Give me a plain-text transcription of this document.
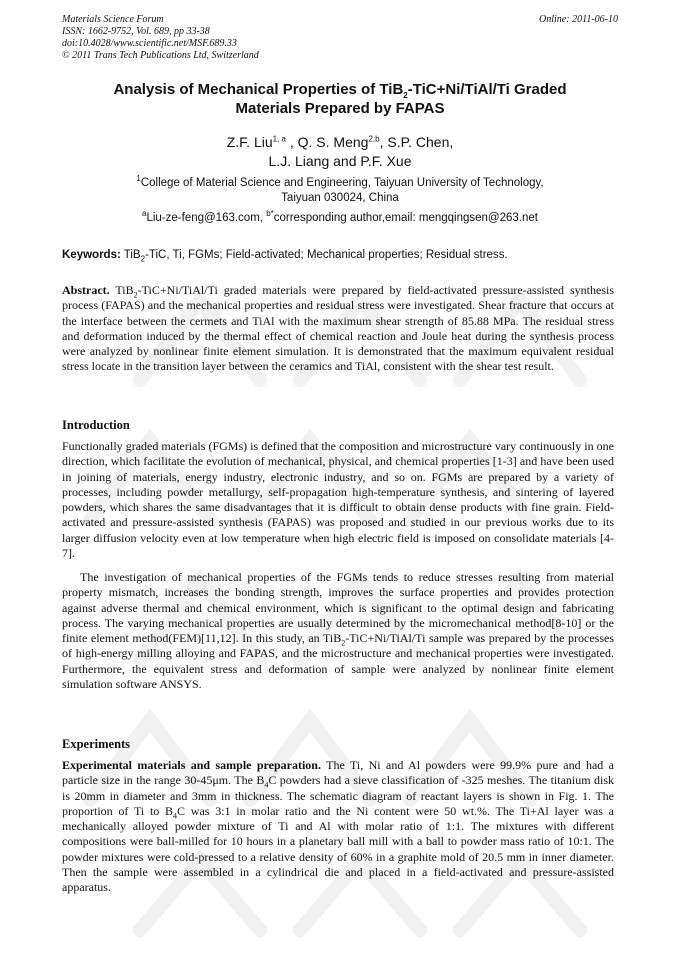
Materials Science Forum
ISSN: 1662-9752, Vol. 689, pp 33-38
doi:10.4028/www.scientific.net/MSF.689.33
© 2011 Trans Tech Publications Ltd, Switzerland
Online: 2011-06-10
Analysis of Mechanical Properties of TiB$_2$-TiC+Ni/TiAl/Ti Graded
Materials Prepared by FAPAS
Z.F. Liu$^{1, a}$ , Q. S. Meng$^{2,b}$, S.P. Chen,
L.J. Liang and P.F. Xue
$^1$College of Material Science and Engineering, Taiyuan University of Technology,
Taiyuan 030024, China
$^a$Liu-ze-feng@163.com, $^{b*}$corresponding author,email: mengqingsen@263.net
Keywords: TiB$_2$-TiC, Ti, FGMs; Field-activated; Mechanical properties; Residual stress.
Abstract. TiB$_2$-TiC+Ni/TiAl/Ti graded materials were prepared by field-activated pressure-assisted synthesis process (FAPAS) and the mechanical properties and residual stress were investigated. Shear fracture that occurs at the interface between the cermets and TiAl with the maximum shear strength of 85.88 MPa. The residual stress and deformation induced by the thermal effect of chemical reaction and Joule heat during the synthesis process were analyzed by nonlinear finite element simulation. It is demonstrated that the maximum equivalent residual stress locate in the transition layer between the ceramics and TiAl, consistent with the shear test result.
Introduction
Functionally graded materials (FGMs) is defined that the composition and microstructure vary continuously in one direction, which facilitate the evolution of mechanical, physical, and chemical properties [1-3] and have been used in joining of materials, energy industry, electronic industry, and so on. FGMs are prepared by a variety of processes, including powder metallurgy, self-propagation high-temperature synthesis, and sintering of layered powders, which shares the same disadvantages that it is difficult to obtain dense products with fine grain. Field-activated and pressure-assisted synthesis (FAPAS) was proposed and studied in our previous works due to its larger diffusion velocity even at low temperature when high electric field is imposed on consolidate materials [4-7].
The investigation of mechanical properties of the FGMs tends to reduce stresses resulting from material property mismatch, increases the bonding strength, improves the surface properties and provides protection against adverse thermal and chemical environment, which is significant to the optimal design and fabricating process. The varying mechanical properties are usually determined by the micromechanical method[8-10] or the finite element method(FEM)[11,12]. In this study, an TiB$_2$-TiC+Ni/TiAl/Ti sample was prepared by the processes of high-energy milling alloying and FAPAS, and the microstructure and mechanical properties were investigated. Furthermore, the equivalent stress and deformation of sample were analyzed by nonlinear finite element simulation software ANSYS.
Experiments
Experimental materials and sample preparation. The Ti, Ni and Al powders were 99.9% pure and had a particle size in the range 30-45μm. The $B_4C$ powders had a sieve classification of -325 meshes. The titanium disk is 20mm in diameter and 3mm in thickness. The schematic diagram of reactant layers is shown in Fig. 1. The proportion of Ti to $B_4C$ was 3:1 in molar ratio and the Ni content were 50 wt.%. The Ti+Al layer was a mechanically alloyed powder mixture of Ti and Al with molar ratio of 1:1. The mixtures with different compositions were ball-milled for 10 hours in a planetary ball mill with a ball to powder mass ratio of 10:1. The powder mixtures were cold-pressed to a relative density of 60% in a graphite mold of 20.5 mm in inner diameter. Then the sample were assembled in a cylindrical die and placed in a field-activated and pressure-assisted apparatus.
